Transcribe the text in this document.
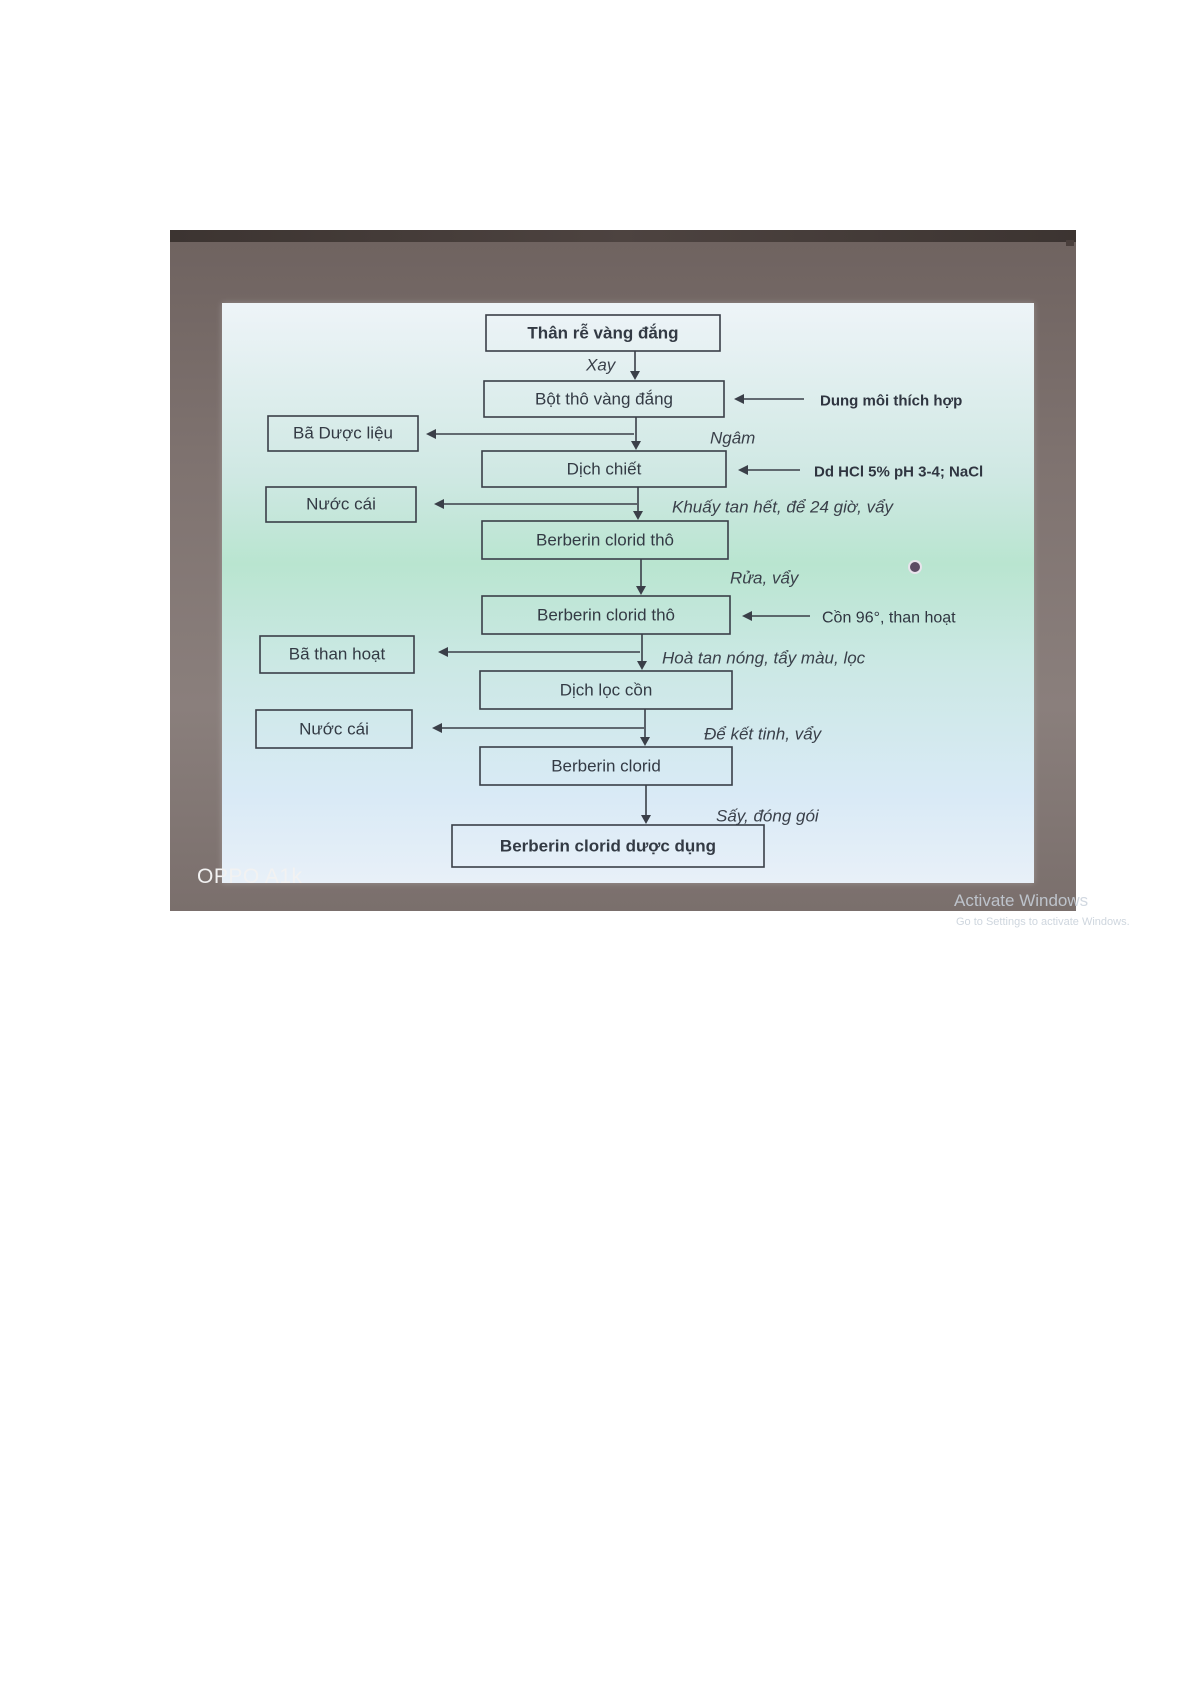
Thân rễ vàng đắng
Bột thô vàng đắng
Dịch chiết
Berberin clorid thô
Berberin clorid thô
Dịch lọc cồn
Berberin clorid
Berberin clorid dược dụng
Xay
Ngâm
Khuấy tan hết, để 24 giờ, vẩy
Rửa, vẩy
Hoà tan nóng, tẩy màu, lọc
Để kết tinh, vẩy
Sấy, đóng gói
Bã Dược liệu
Nước cái
Bã than hoạt
Nước cái
Dung môi thích hợp
Dd HCl 5% pH 3-4; NaCl
Cồn 96°, than hoạt
Activate Windows
Go to Settings to activate Windows.
OPPO A1k
